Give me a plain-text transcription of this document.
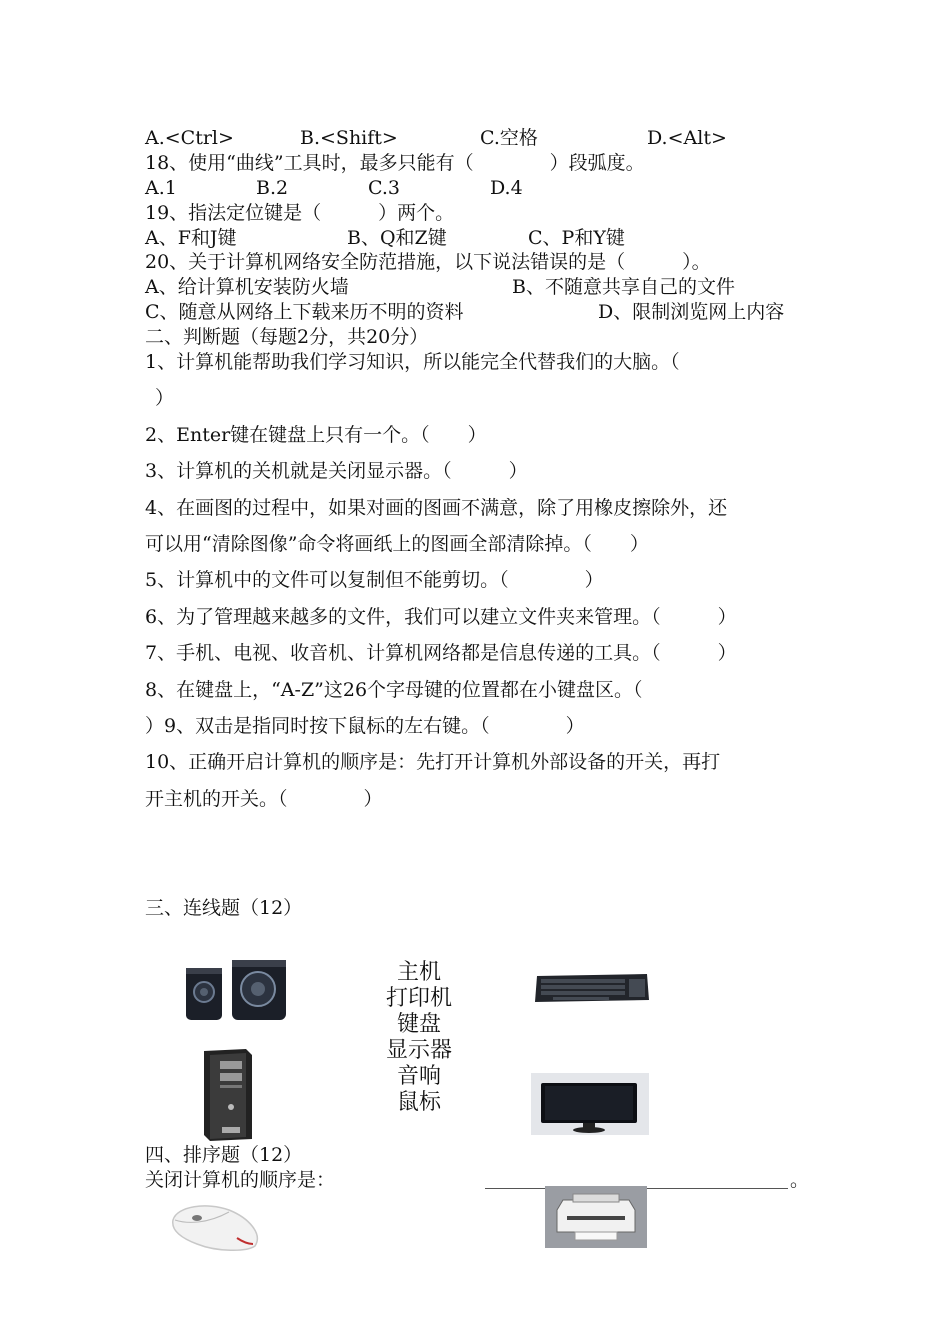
A.<Ctrl>	B.<Shift>	C.空格	D.<Alt>
18、使用“曲线”工具时，最多只能有（　　　　）段弧度。
A.1	B.2	C.3	D.4
19、指法定位键是（　　　）两个。
A、F和J键	B、Q和Z键	C、P和Y键
20、关于计算机网络安全防范措施，以下说法错误的是（　　　）。
A、给计算机安装防火墙	B、不随意共享自己的文件
C、随意从网络上下载来历不明的资料	D、限制浏览网上内容
二、判断题（每题2分，共20分）
1、计算机能帮助我们学习知识，所以能完全代替我们的大脑。（
）
2、Enter键在键盘上只有一个。（　　）
3、计算机的关机就是关闭显示器。（　　　）
4、在画图的过程中，如果对画的图画不满意，除了用橡皮擦除外，还
可以用“清除图像”命令将画纸上的图画全部清除掉。（　　）
5、计算机中的文件可以复制但不能剪切。（　　　　）
6、为了管理越来越多的文件，我们可以建立文件夹来管理。（　　　）
7、手机、电视、收音机、计算机网络都是信息传递的工具。（　　　）
8、在键盘上，“A-Z”这26个字母键的位置都在小键盘区。（
）9、双击是指同时按下鼠标的左右键。（　　　　）
10、正确开启计算机的顺序是：先打开计算机外部设备的开关，再打
开主机的开关。（　　　　）
三、连线题（12）
主机
打印机
键盘
显示器
音响
鼠标
四、排序题（12）
关闭计算机的顺序是：	。
